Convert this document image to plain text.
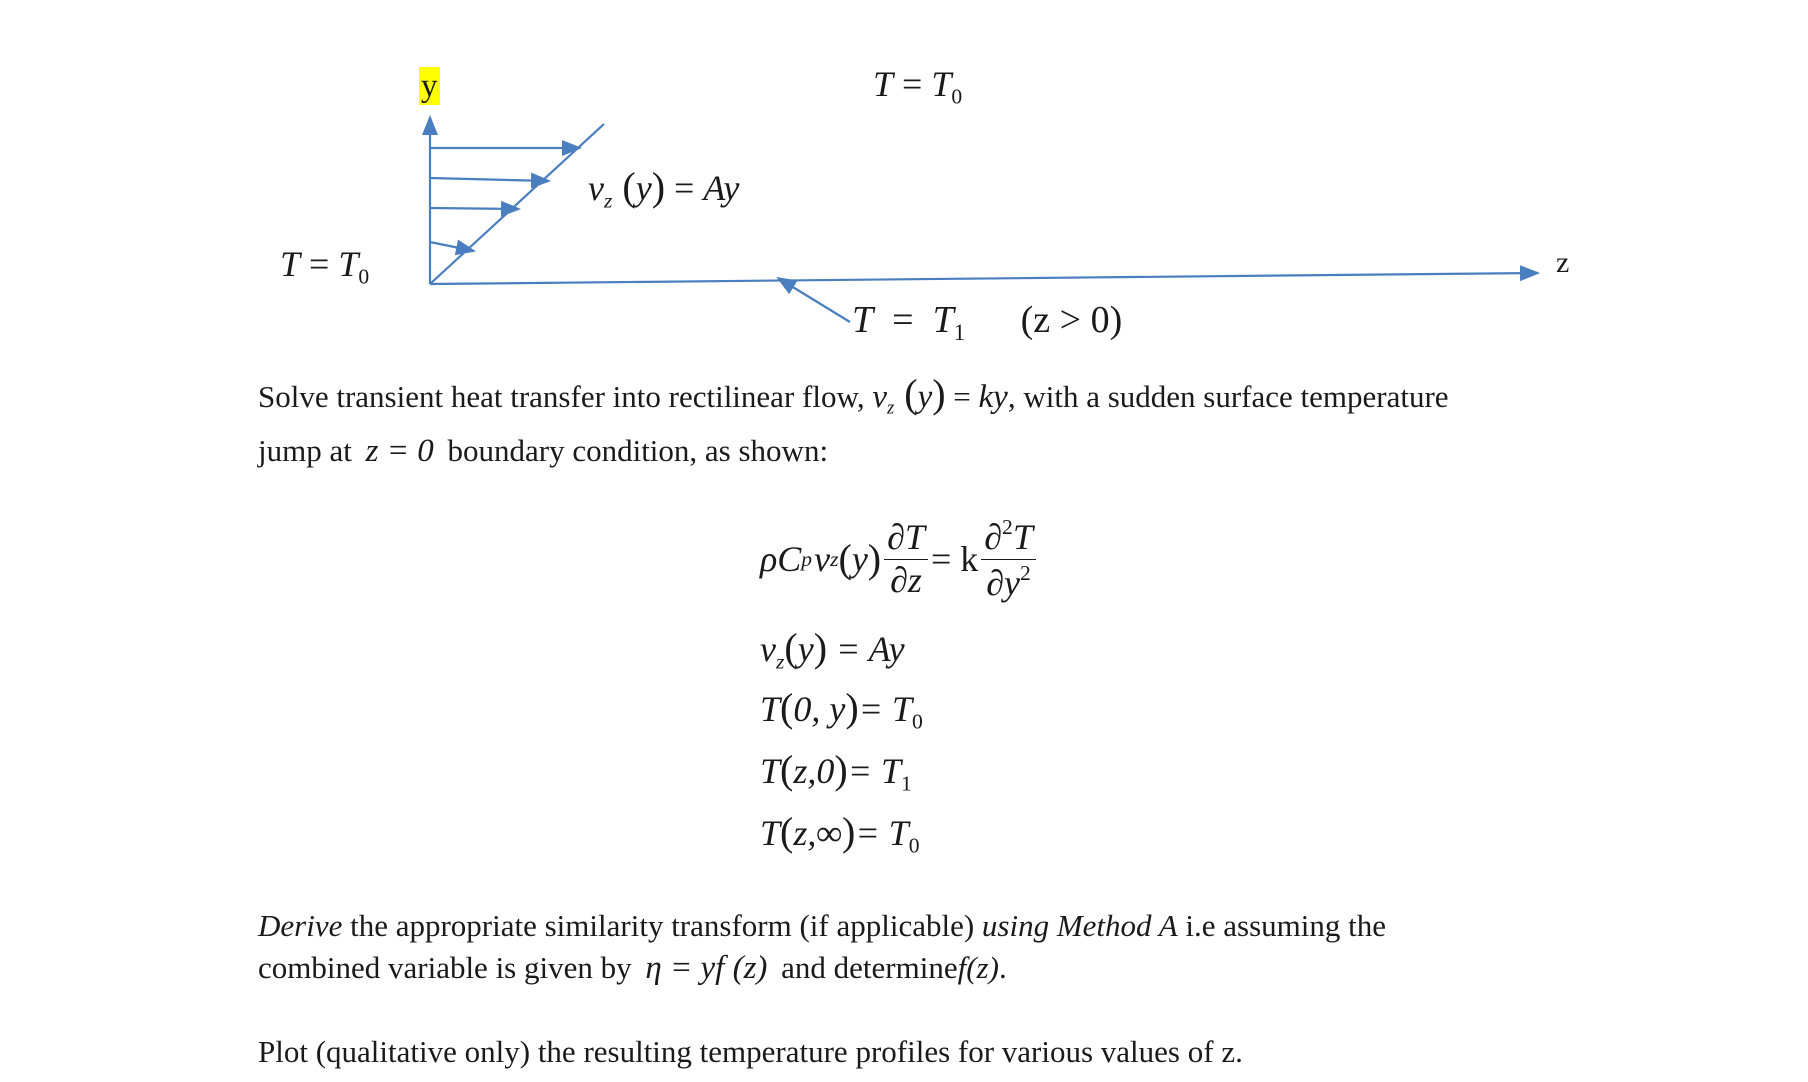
y
z
$T = T_0$
$T = T_0$
$v_z$ (y) = Ay
$T = T_1$ (z > 0)
Solve transient heat transfer into rectilinear flow, $v_z$ (y) = ky, with a sudden surface temperature
jump at z = 0 boundary condition, as shown:
ρC p v z ( y ) $\frac{\partial T}{\partial z} = k \frac{\partial^2T}{\partial y^2}$
$v_z(y) = Ay$
T(0, $y)= T_0$
$T(z,0)= T_1$
$T(z,\infty)= T_0$
Derive the appropriate similarity transform (if applicable) using Method A i.e assuming the
combined variable is given by η = yf (z) and determinef(z).
Plot (qualitative only) the resulting temperature profiles for various values of z.
